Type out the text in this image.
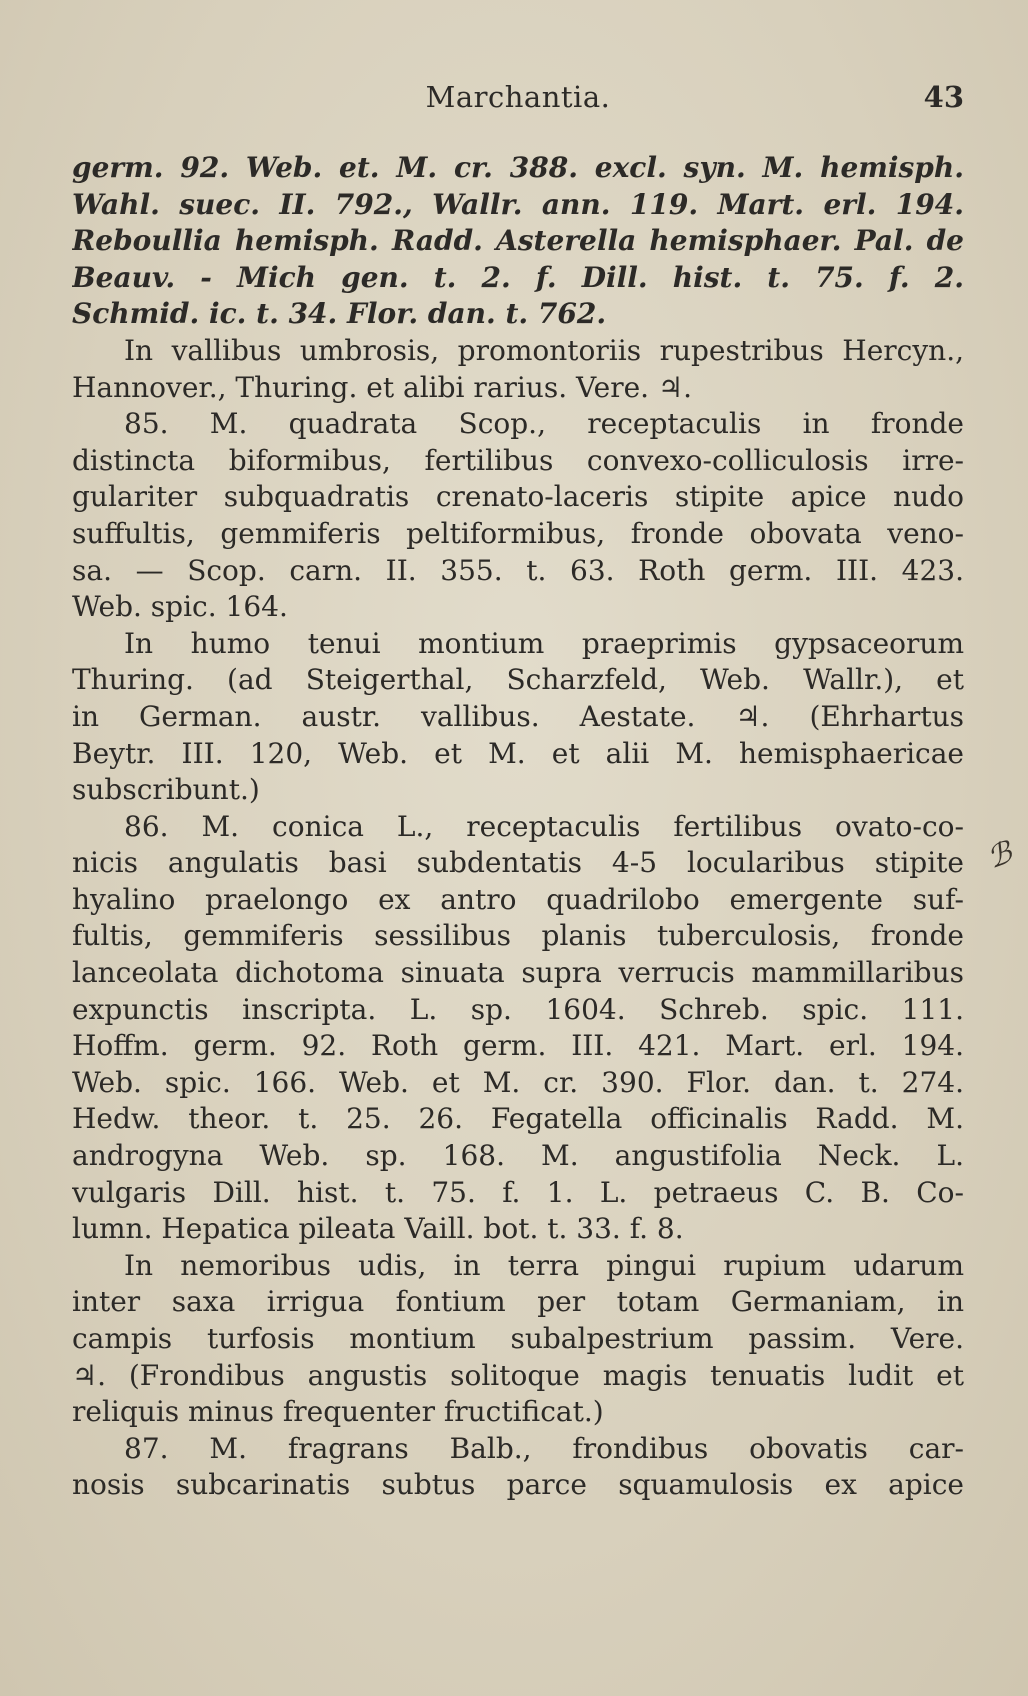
Marchantia.	43
germ. 92. Web. et. M. cr. 388. excl. syn. M. hemisph.
Wahl. suec. II. 792., Wallr. ann. 119. Mart. erl. 194.
Reboullia hemisph. Radd. Asterella hemisphaer. Pal. de
Beauv. - Mich gen. t. 2. f. Dill. hist. t. 75. f. 2.
Schmid. ic. t. 34. Flor. dan. t. 762.
In vallibus umbrosis, promontoriis rupestribus Hercyn.,
Hannover., Thuring. et alibi rarius. Vere. ♃.
85. M. quadrata Scop., receptaculis in fronde
distincta biformibus, fertilibus convexo-colliculosis irre-
gulariter subquadratis crenato-laceris stipite apice nudo
suffultis, gemmiferis peltiformibus, fronde obovata veno-
sa. — Scop. carn. II. 355. t. 63. Roth germ. III. 423.
Web. spic. 164.
In humo tenui montium praeprimis gypsaceorum
Thuring. (ad Steigerthal, Scharzfeld, Web. Wallr.), et
in German. austr. vallibus. Aestate. ♃. (Ehrhartus
Beytr. III. 120, Web. et M. et alii M. hemisphaericae
subscribunt.)
86. M. conica L., receptaculis fertilibus ovato-co-
nicis angulatis basi subdentatis 4-5 locularibus stipite
hyalino praelongo ex antro quadrilobo emergente suf-
fultis, gemmiferis sessilibus planis tuberculosis, fronde
lanceolata dichotoma sinuata supra verrucis mammillaribus
expunctis inscripta. L. sp. 1604. Schreb. spic. 111.
Hoffm. germ. 92. Roth germ. III. 421. Mart. erl. 194.
Web. spic. 166. Web. et M. cr. 390. Flor. dan. t. 274.
Hedw. theor. t. 25. 26. Fegatella officinalis Radd. M.
androgyna Web. sp. 168. M. angustifolia Neck. L.
vulgaris Dill. hist. t. 75. f. 1. L. petraeus C. B. Co-
lumn. Hepatica pileata Vaill. bot. t. 33. f. 8.
In nemoribus udis, in terra pingui rupium udarum
inter saxa irrigua fontium per totam Germaniam, in
campis turfosis montium subalpestrium passim. Vere.
♃. (Frondibus angustis solitoque magis tenuatis ludit et
reliquis minus frequenter fructificat.)
87. M. fragrans Balb., frondibus obovatis car-
nosis subcarinatis subtus parce squamulosis ex apice
ℬ
